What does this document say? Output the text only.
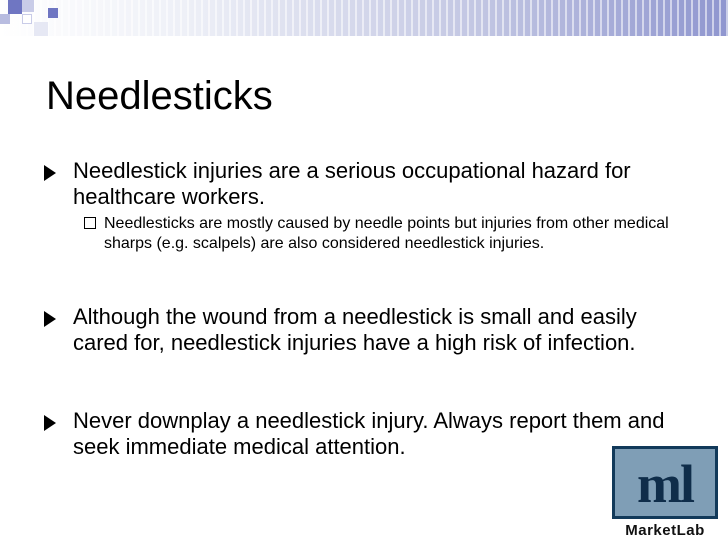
Needlesticks
Needlestick injuries are a serious occupational hazard for healthcare workers.
Needlesticks are mostly caused by needle points but injuries from other medical sharps (e.g. scalpels) are also considered needlestick injuries.
Although the wound from a needlestick is small and easily cared for, needlestick injuries have a high risk of infection.
Never downplay a needlestick injury. Always report them and seek immediate medical attention.
ml
MarketLab
